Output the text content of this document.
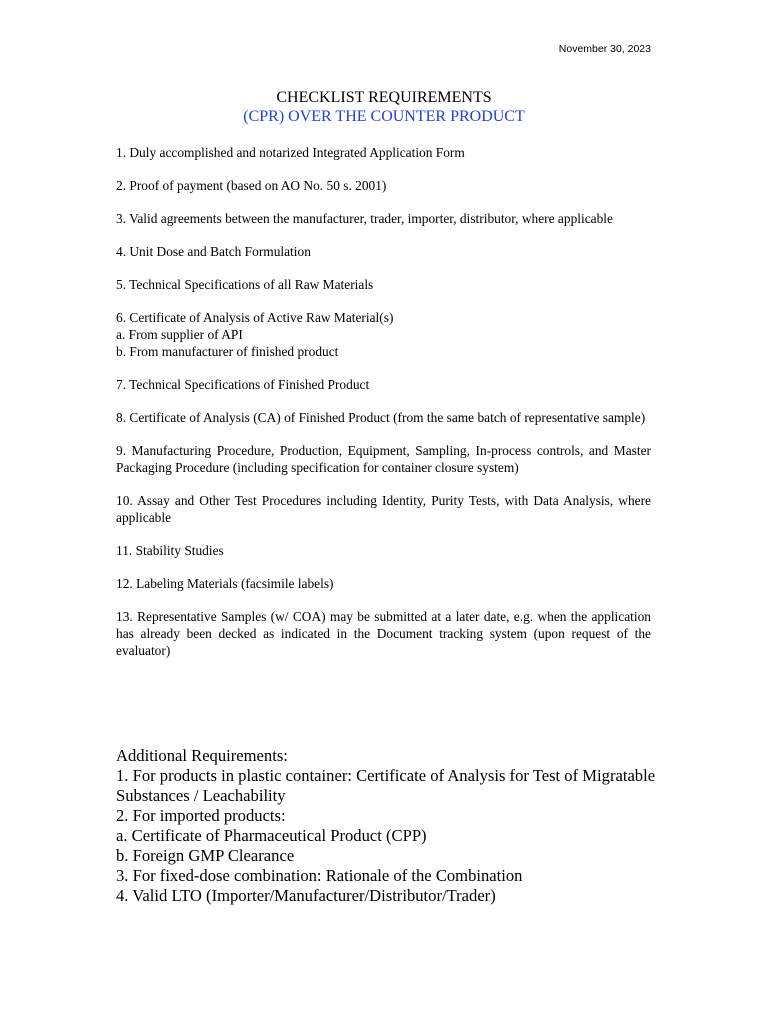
November 30, 2023
CHECKLIST REQUIREMENTS
(CPR) OVER THE COUNTER PRODUCT
1. Duly accomplished and notarized Integrated Application Form
2. Proof of payment (based on AO No. 50 s. 2001)
3. Valid agreements between the manufacturer, trader, importer, distributor, where applicable
4. Unit Dose and Batch Formulation
5. Technical Specifications of all Raw Materials
6. Certificate of Analysis of Active Raw Material(s)
a. From supplier of API
b. From manufacturer of finished product
7. Technical Specifications of Finished Product
8. Certificate of Analysis (CA) of Finished Product (from the same batch of representative sample)
9. Manufacturing Procedure, Production, Equipment, Sampling, In-process controls, and Master Packaging Procedure (including specification for container closure system)
10. Assay and Other Test Procedures including Identity, Purity Tests, with Data Analysis, where applicable
11. Stability Studies
12. Labeling Materials (facsimile labels)
13. Representative Samples (w/ COA) may be submitted at a later date, e.g. when the application has already been decked as indicated in the Document tracking system (upon request of the evaluator)
Additional Requirements:
1. For products in plastic container: Certificate of Analysis for Test of Migratable Substances / Leachability
2. For imported products:
a. Certificate of Pharmaceutical Product (CPP)
b. Foreign GMP Clearance
3. For fixed-dose combination: Rationale of the Combination
4. Valid LTO (Importer/Manufacturer/Distributor/Trader)
